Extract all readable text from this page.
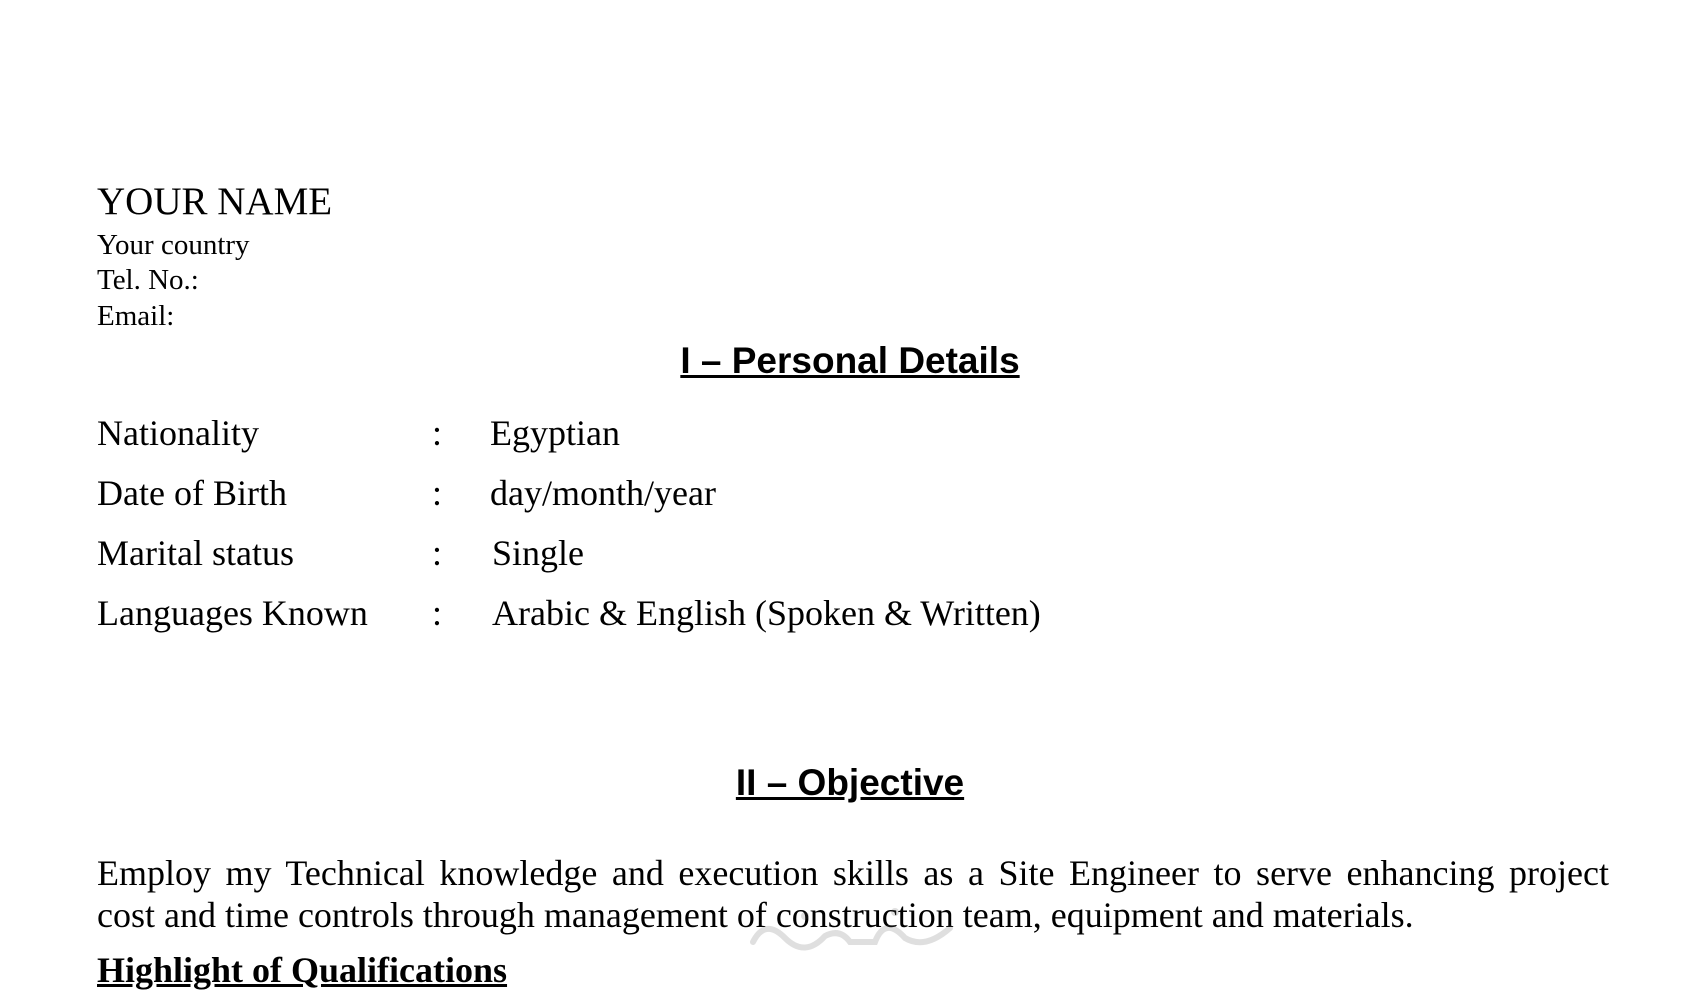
YOUR NAME
Your country
Tel. No.:
Email:
I – Personal Details
Nationality	: Egyptian
Date of Birth	: day/month/year
Marital status	: Single
Languages Known : Arabic & English (Spoken & Written)
II – Objective
Employ my Technical knowledge and execution skills as a Site Engineer to serve enhancing project
cost and time controls through management of construction team, equipment and materials.
Highlight of Qualifications
